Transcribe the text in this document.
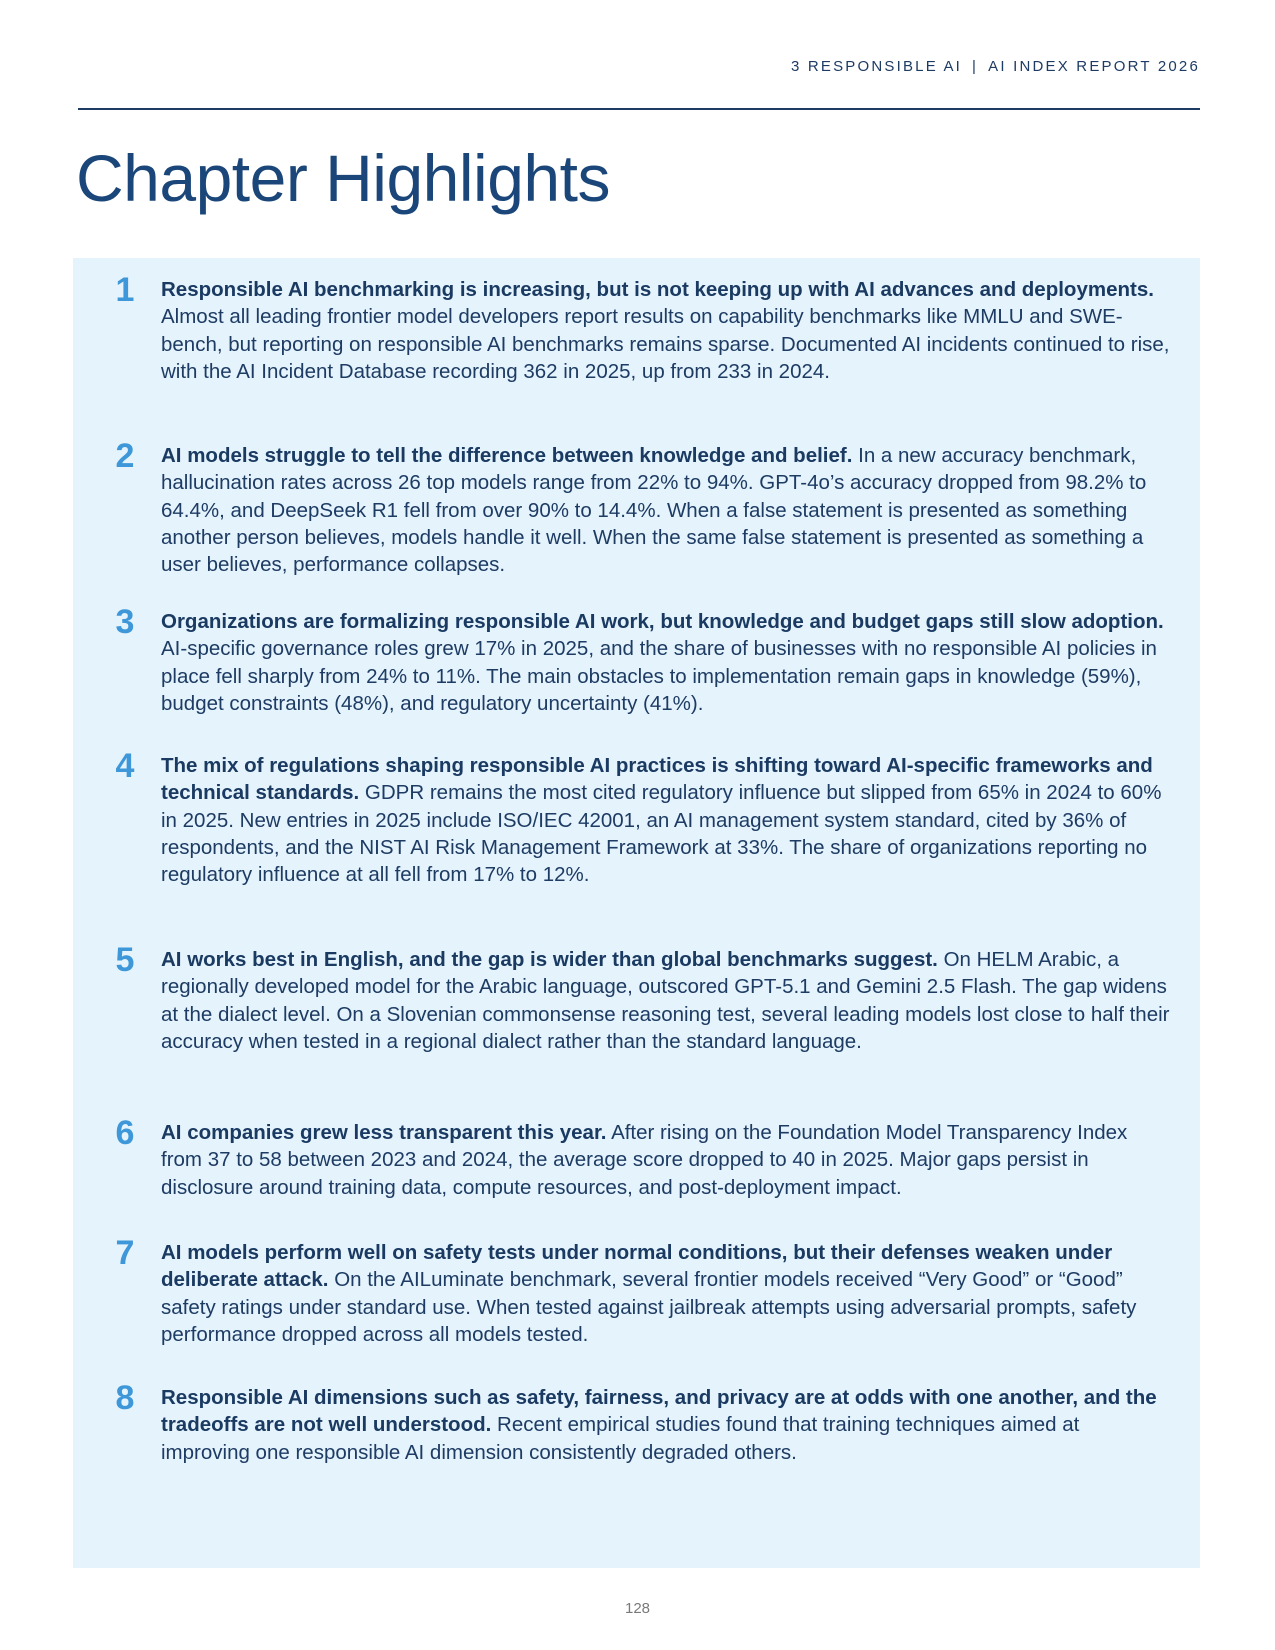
3 RESPONSIBLE AI | AI INDEX REPORT 2026
Chapter Highlights
1	Responsible AI benchmarking is increasing, but is not keeping up with AI advances and deployments. Almost all leading frontier model developers report results on capability benchmarks like MMLU and SWE-bench, but reporting on responsible AI benchmarks remains sparse. Documented AI incidents continued to rise, with the AI Incident Database recording 362 in 2025, up from 233 in 2024.
2	AI models struggle to tell the difference between knowledge and belief. In a new accuracy benchmark, hallucination rates across 26 top models range from 22% to 94%. GPT-4o’s accuracy dropped from 98.2% to 64.4%, and DeepSeek R1 fell from over 90% to 14.4%. When a false statement is presented as something another person believes, models handle it well. When the same false statement is presented as something a user believes, performance collapses.
3	Organizations are formalizing responsible AI work, but knowledge and budget gaps still slow adoption. AI-specific governance roles grew 17% in 2025, and the share of businesses with no responsible AI policies in place fell sharply from 24% to 11%. The main obstacles to implementation remain gaps in knowledge (59%), budget constraints (48%), and regulatory uncertainty (41%).
4	The mix of regulations shaping responsible AI practices is shifting toward AI-specific frameworks and technical standards. GDPR remains the most cited regulatory influence but slipped from 65% in 2024 to 60% in 2025. New entries in 2025 include ISO/IEC 42001, an AI management system standard, cited by 36% of respondents, and the NIST AI Risk Management Framework at 33%. The share of organizations reporting no regulatory influence at all fell from 17% to 12%.
5	AI works best in English, and the gap is wider than global benchmarks suggest. On HELM Arabic, a regionally developed model for the Arabic language, outscored GPT-5.1 and Gemini 2.5 Flash. The gap widens at the dialect level. On a Slovenian commonsense reasoning test, several leading models lost close to half their accuracy when tested in a regional dialect rather than the standard language.
6	AI companies grew less transparent this year. After rising on the Foundation Model Transparency Index from 37 to 58 between 2023 and 2024, the average score dropped to 40 in 2025. Major gaps persist in disclosure around training data, compute resources, and post-deployment impact.
7	AI models perform well on safety tests under normal conditions, but their defenses weaken under deliberate attack. On the AILuminate benchmark, several frontier models received “Very Good” or “Good” safety ratings under standard use. When tested against jailbreak attempts using adversarial prompts, safety performance dropped across all models tested.
8	Responsible AI dimensions such as safety, fairness, and privacy are at odds with one another, and the tradeoffs are not well understood. Recent empirical studies found that training techniques aimed at improving one responsible AI dimension consistently degraded others.
128
